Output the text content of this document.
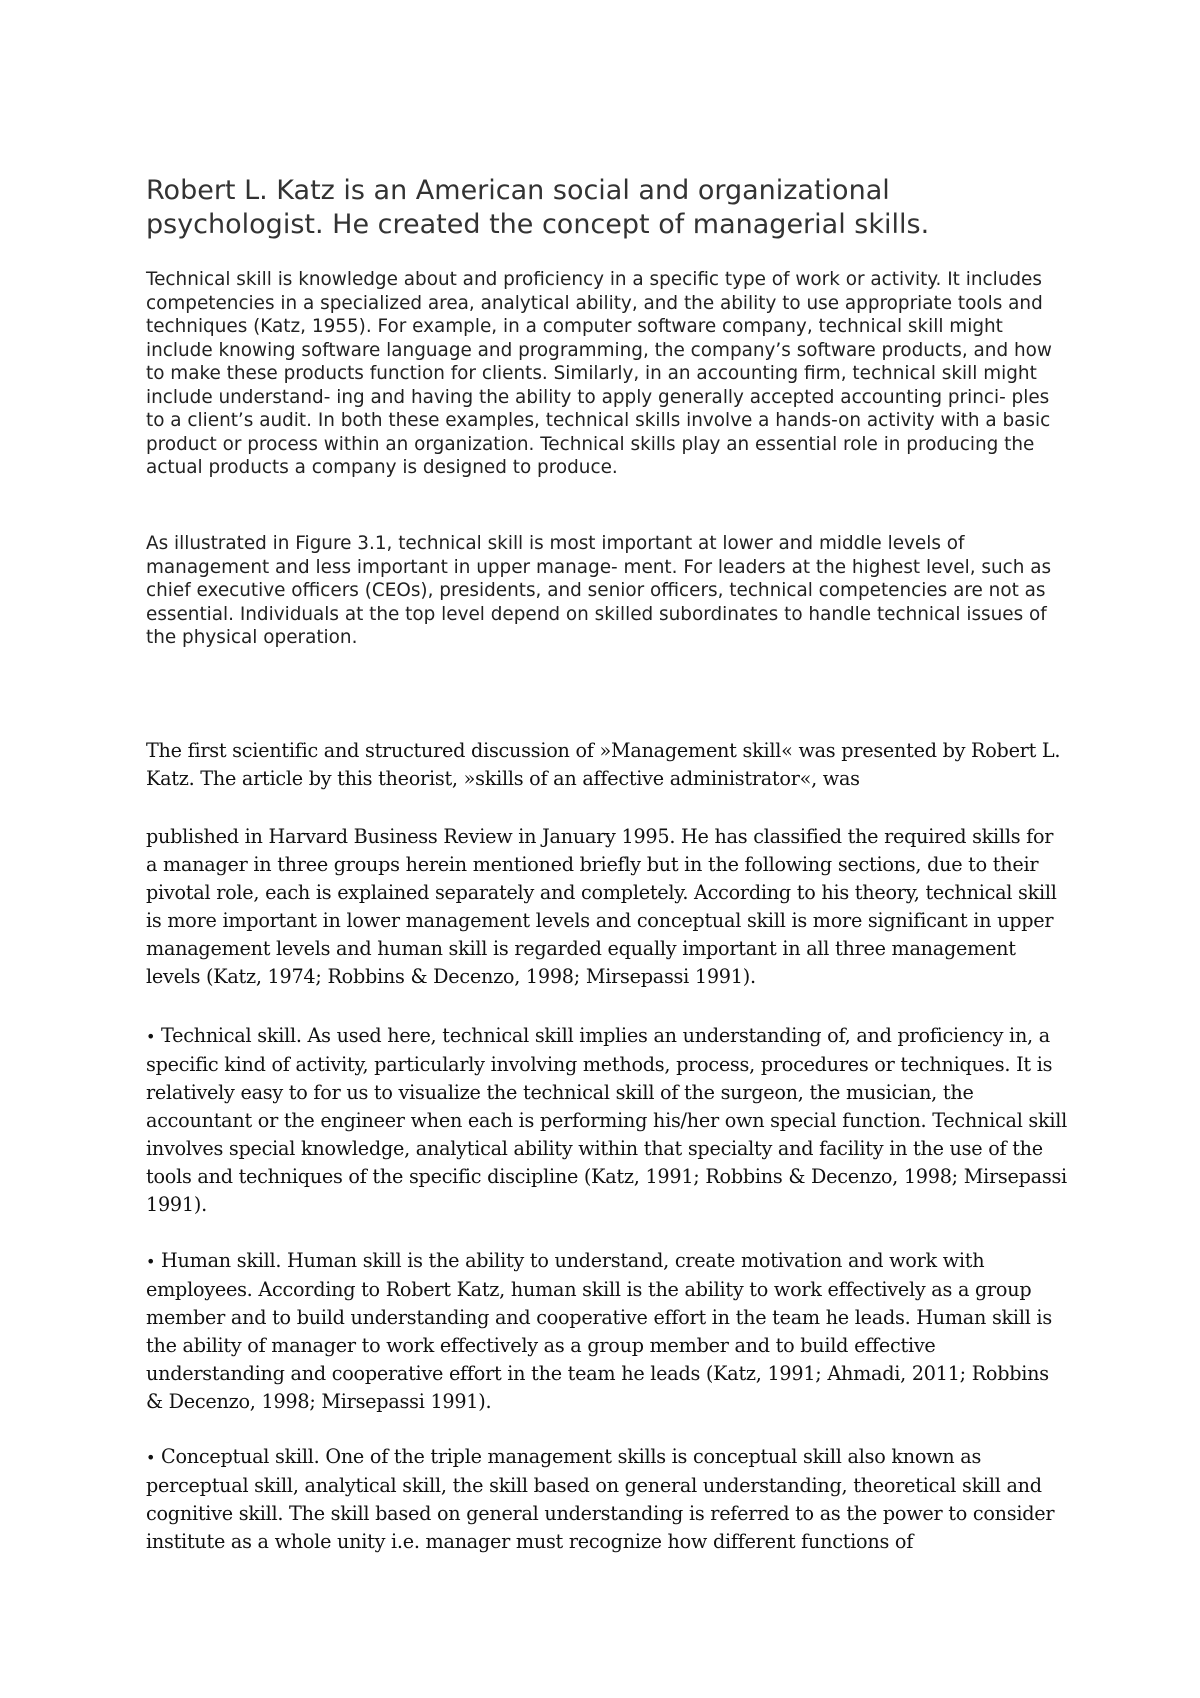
Robert L. Katz is an American social and organizational psychologist. He created the concept of managerial skills.

Technical skill is knowledge about and proficiency in a specific type of work or activity. It includes competencies in a specialized area, analytical ability, and the ability to use appropriate tools and techniques (Katz, 1955). For example, in a computer software company, technical skill might include knowing software language and programming, the company’s software products, and how to make these products function for clients. Similarly, in an accounting firm, technical skill might include understand- ing and having the ability to apply generally accepted accounting princi- ples to a client’s audit. In both these examples, technical skills involve a hands-on activity with a basic product or process within an organization. Technical skills play an essential role in producing the actual products a company is designed to produce.

As illustrated in Figure 3.1, technical skill is most important at lower and middle levels of management and less important in upper manage- ment. For leaders at the highest level, such as chief executive officers (CEOs), presidents, and senior officers, technical competencies are not as essential. Individuals at the top level depend on skilled subordinates to handle technical issues of the physical operation.

The first scientific and structured discussion of »Management skill« was presented by Robert L. Katz. The article by this theorist, »skills of an affective administrator«, was

published in Harvard Business Review in January 1995. He has classified the required skills for a manager in three groups herein mentioned briefly but in the following sections, due to their pivotal role, each is explained separately and completely. According to his theory, technical skill is more important in lower management levels and conceptual skill is more significant in upper management levels and human skill is regarded equally important in all three management levels (Katz, 1974; Robbins & Decenzo, 1998; Mirsepassi 1991).

• Technical skill. As used here, technical skill implies an understanding of, and proficiency in, a specific kind of activity, particularly involving methods, process, procedures or techniques. It is relatively easy to for us to visualize the technical skill of the surgeon, the musician, the accountant or the engineer when each is performing his/her own special function. Technical skill involves special knowledge, analytical ability within that specialty and facility in the use of the tools and techniques of the specific discipline (Katz, 1991; Robbins & Decenzo, 1998; Mirsepassi 1991).

• Human skill. Human skill is the ability to understand, create motivation and work with employees. According to Robert Katz, human skill is the ability to work effectively as a group member and to build understanding and cooperative effort in the team he leads. Human skill is the ability of manager to work effectively as a group member and to build effective understanding and cooperative effort in the team he leads (Katz, 1991; Ahmadi, 2011; Robbins & Decenzo, 1998; Mirsepassi 1991).

• Conceptual skill. One of the triple management skills is conceptual skill also known as perceptual skill, analytical skill, the skill based on general understanding, theoretical skill and cognitive skill. The skill based on general understanding is referred to as the power to consider institute as a whole unity i.e. manager must recognize how different functions of
